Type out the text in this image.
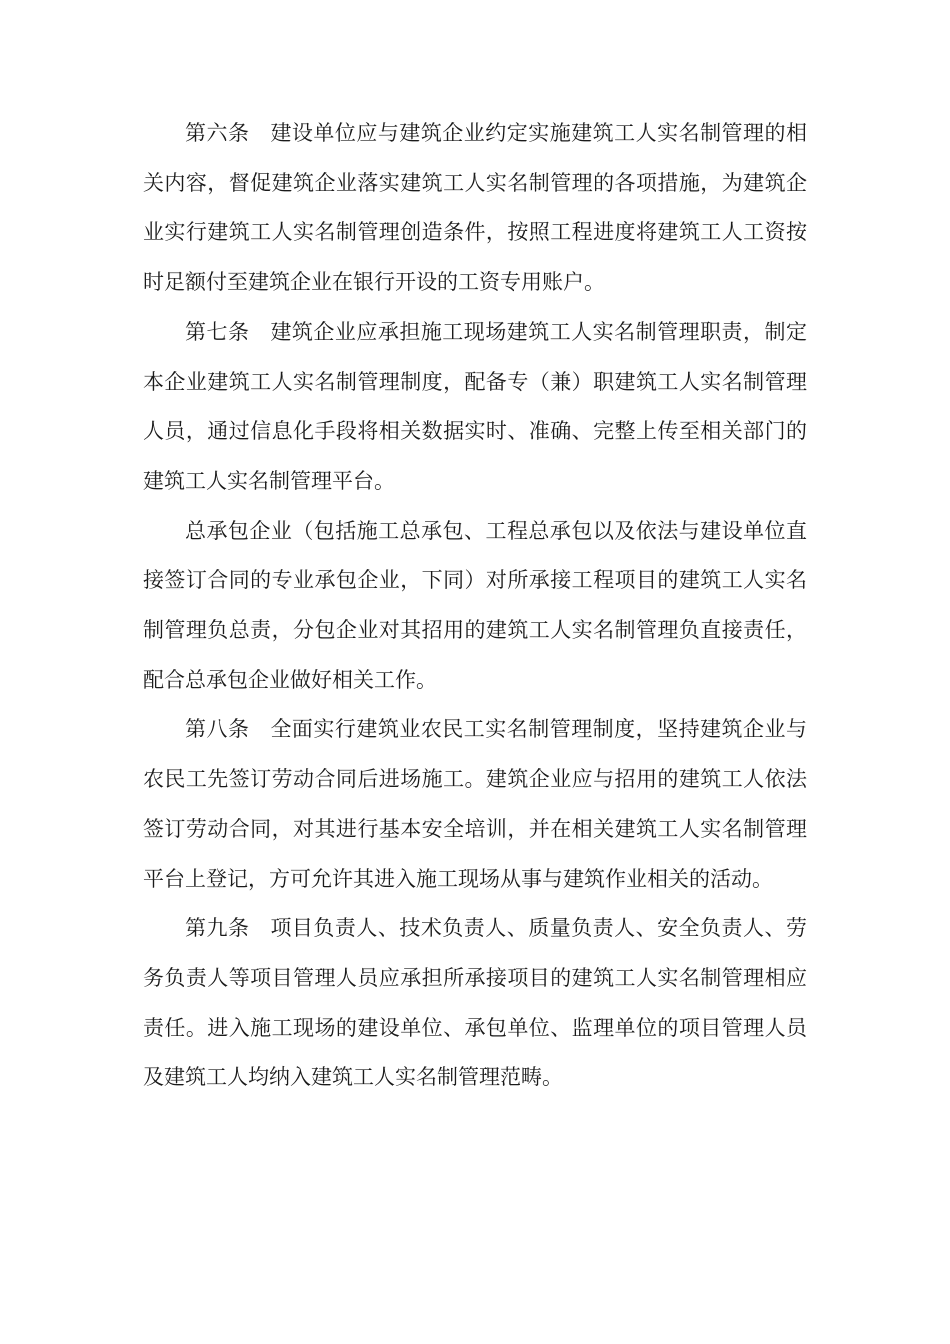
第六条 建设单位应与建筑企业约定实施建筑工人实名制管理的相关内容，督促建筑企业落实建筑工人实名制管理的各项措施，为建筑企业实行建筑工人实名制管理创造条件，按照工程进度将建筑工人工资按时足额付至建筑企业在银行开设的工资专用账户。

第七条 建筑企业应承担施工现场建筑工人实名制管理职责，制定本企业建筑工人实名制管理制度，配备专（兼）职建筑工人实名制管理人员，通过信息化手段将相关数据实时、准确、完整上传至相关部门的建筑工人实名制管理平台。

总承包企业（包括施工总承包、工程总承包以及依法与建设单位直接签订合同的专业承包企业，下同）对所承接工程项目的建筑工人实名制管理负总责，分包企业对其招用的建筑工人实名制管理负直接责任，配合总承包企业做好相关工作。

第八条 全面实行建筑业农民工实名制管理制度，坚持建筑企业与农民工先签订劳动合同后进场施工。建筑企业应与招用的建筑工人依法签订劳动合同，对其进行基本安全培训，并在相关建筑工人实名制管理平台上登记，方可允许其进入施工现场从事与建筑作业相关的活动。

第九条 项目负责人、技术负责人、质量负责人、安全负责人、劳务负责人等项目管理人员应承担所承接项目的建筑工人实名制管理相应责任。进入施工现场的建设单位、承包单位、监理单位的项目管理人员及建筑工人均纳入建筑工人实名制管理范畴。
